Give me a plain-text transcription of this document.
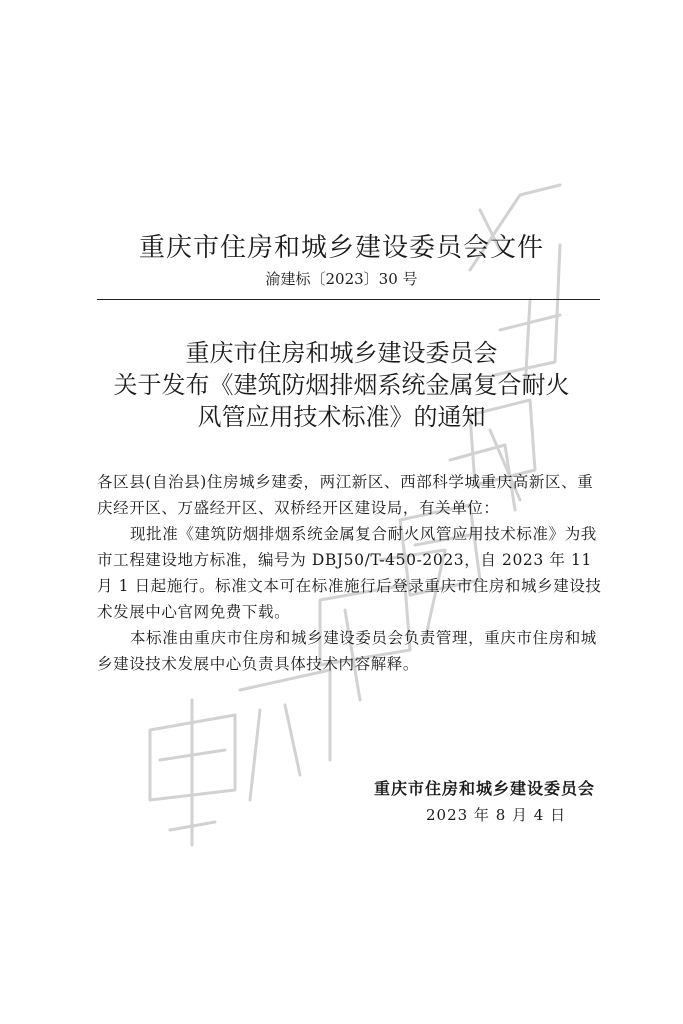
重庆市住房和城乡建设委员会文件
渝建标〔2023〕30 号
重庆市住房和城乡建设委员会
关于发布《建筑防烟排烟系统金属复合耐火
风管应用技术标准》的通知

各区县(自治县)住房城乡建委，两江新区、西部科学城重庆高新区、重庆经开区、万盛经开区、双桥经开区建设局，有关单位：

现批准《建筑防烟排烟系统金属复合耐火风管应用技术标准》为我市工程建设地方标准，编号为 DBJ50/T-450-2023，自 2023 年 11 月 1 日起施行。标准文本可在标准施行后登录重庆市住房和城乡建设技术发展中心官网免费下载。

本标准由重庆市住房和城乡建设委员会负责管理，重庆市住房和城乡建设技术发展中心负责具体技术内容解释。

重庆市住房和城乡建设委员会
2023 年 8 月 4 日
